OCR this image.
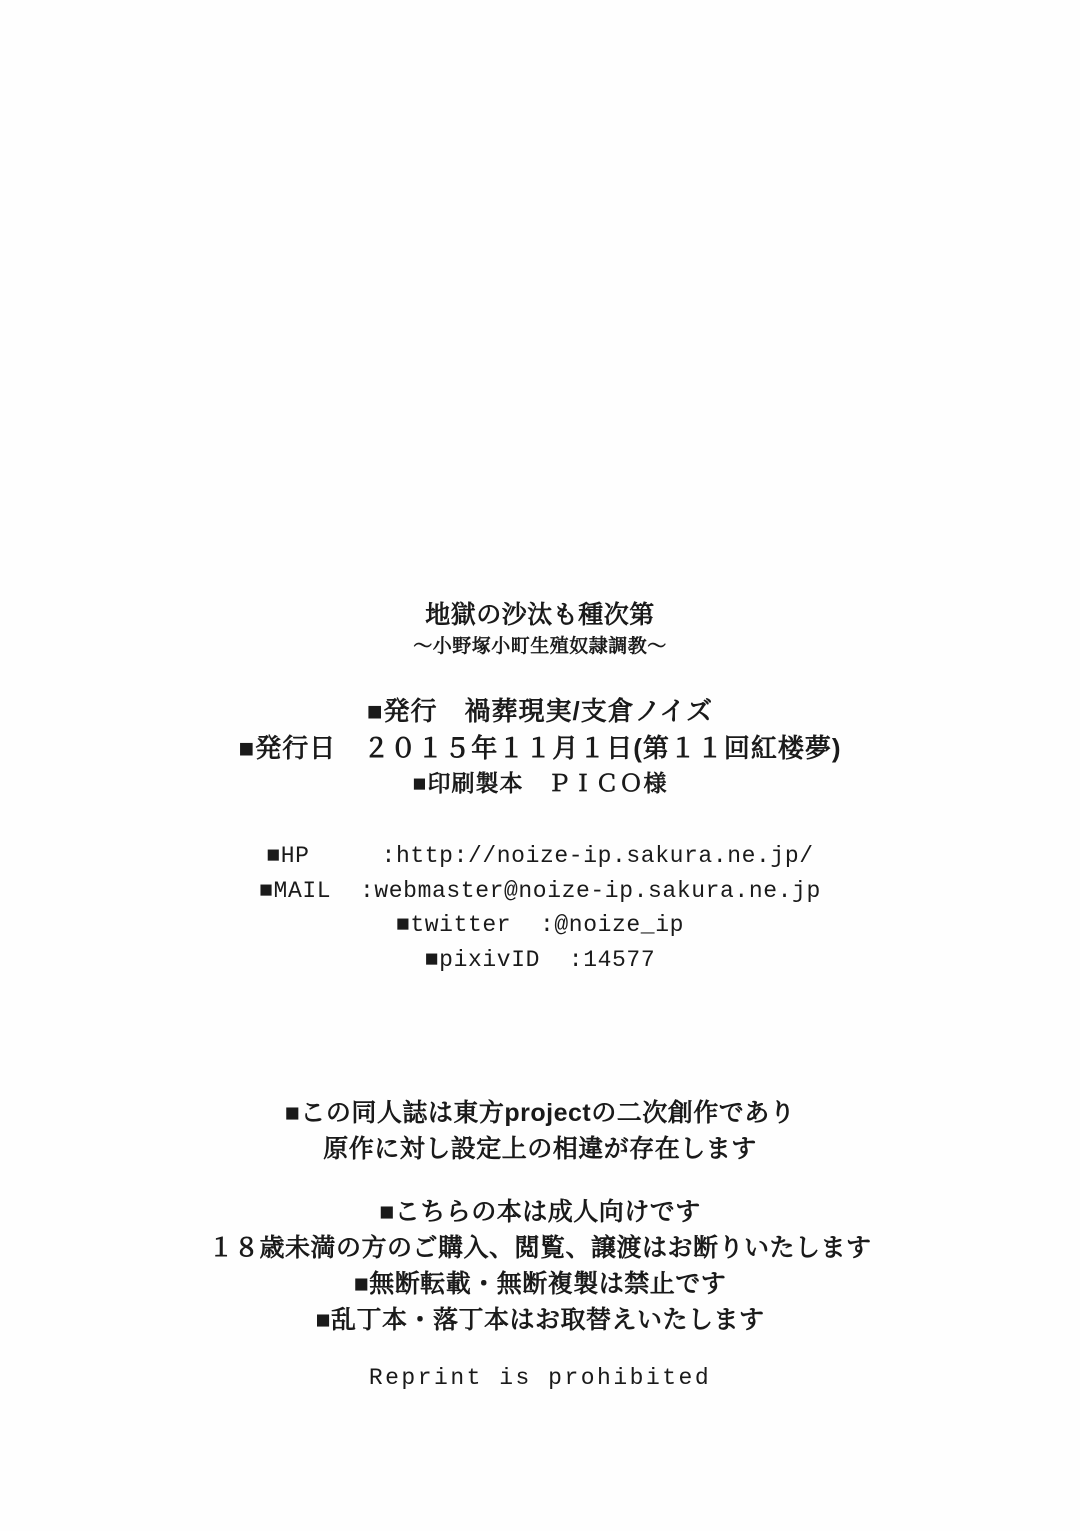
地獄の沙汰も種次第
〜小野塚小町生殖奴隷調教〜
■発行　禍葬現実/支倉ノイズ
■発行日　２０１５年１１月１日(第１１回紅楼夢)
■印刷製本　ＰＩＣＯ様
■HP     :http://noize-ip.sakura.ne.jp/
■MAIL  :webmaster@noize-ip.sakura.ne.jp
■twitter  :@noize_ip
■pixivID  :14577
■この同人誌は東方projectの二次創作であり
原作に対し設定上の相違が存在します
■こちらの本は成人向けです
１８歳未満の方のご購入、閲覧、譲渡はお断りいたします
■無断転載・無断複製は禁止です
■乱丁本・落丁本はお取替えいたします
Reprint is prohibited
